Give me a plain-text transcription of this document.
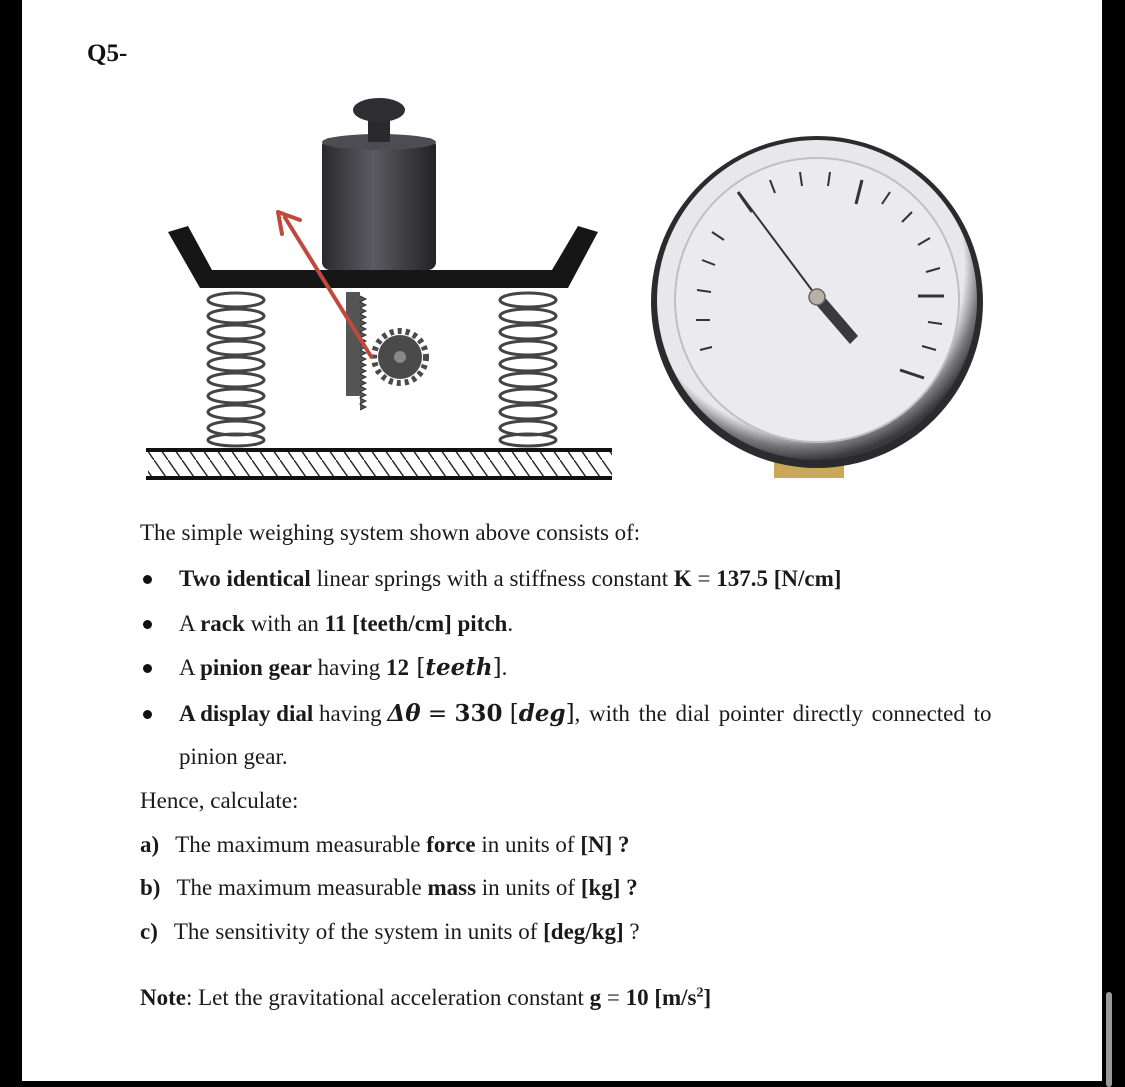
Q5-
The simple weighing system shown above consists of:
Two identical linear springs with a stiffness constant K = 137.5 [N/cm]
A rack with an 11 [teeth/cm] pitch.
A pinion gear having 12 [teeth].
A display dial having Δθ = 330 [deg], with the dial pointer directly connected to
pinion gear.
Hence, calculate:
a) The maximum measurable force in units of [N] ?
b) The maximum measurable mass in units of [kg] ?
c) The sensitivity of the system in units of [deg/kg] ?
Note: Let the gravitational acceleration constant g = 10 $[m/s^2]$
